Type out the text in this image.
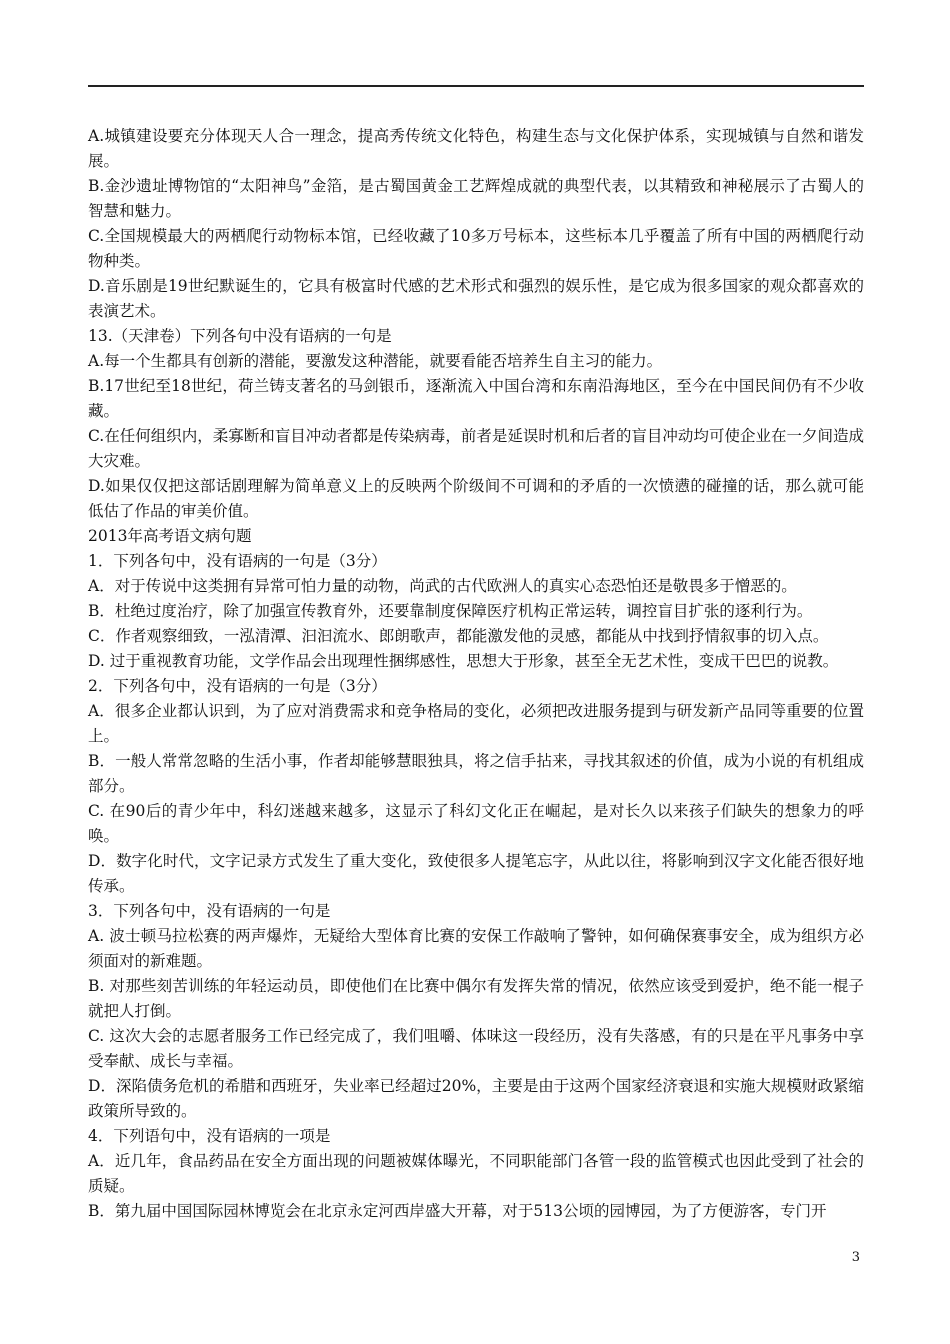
A.城镇建设要充分体现天人合一理念，提高秀传统文化特色，构建生态与文化保护体系，实现城镇与自然和谐发展。
B.金沙遗址博物馆的“太阳神鸟”金箔，是古蜀国黄金工艺辉煌成就的典型代表，以其精致和神秘展示了古蜀人的智慧和魅力。
C.全国规模最大的两栖爬行动物标本馆，已经收藏了10多万号标本，这些标本几乎覆盖了所有中国的两栖爬行动物种类。
D.音乐剧是19世纪默诞生的，它具有极富时代感的艺术形式和强烈的娱乐性，是它成为很多国家的观众都喜欢的表演艺术。
13.（天津卷）下列各句中没有语病的一句是
A.每一个生都具有创新的潜能，要激发这种潜能，就要看能否培养生自主习的能力。
B.17世纪至18世纪，荷兰铸支著名的马剑银币，逐渐流入中国台湾和东南沿海地区，至今在中国民间仍有不少收藏。
C.在任何组织内，柔寡断和盲目冲动者都是传染病毒，前者是延误时机和后者的盲目冲动均可使企业在一夕间造成大灾难。
D.如果仅仅把这部话剧理解为简单意义上的反映两个阶级间不可调和的矛盾的一次愤懑的碰撞的话，那么就可能低估了作品的审美价值。
2013年高考语文病句题
1．下列各句中，没有语病的一句是（3分）
A．对于传说中这类拥有异常可怕力量的动物，尚武的古代欧洲人的真实心态恐怕还是敬畏多于憎恶的。
B．杜绝过度治疗，除了加强宣传教育外，还要靠制度保障医疗机构正常运转，调控盲目扩张的逐利行为。
C．作者观察细致，一泓清潭、汩汩流水、郎朗歌声，都能激发他的灵感，都能从中找到抒情叙事的切入点。
D. 过于重视教育功能，文学作品会出现理性捆绑感性，思想大于形象，甚至全无艺术性，变成干巴巴的说教。
2．下列各句中，没有语病的一句是（3分）
A．很多企业都认识到，为了应对消费需求和竞争格局的变化，必须把改进服务提到与研发新产品同等重要的位置上。
B．一般人常常忽略的生活小事，作者却能够慧眼独具，将之信手拈来，寻找其叙述的价值，成为小说的有机组成部分。
C. 在90后的青少年中，科幻迷越来越多，这显示了科幻文化正在崛起，是对长久以来孩子们缺失的想象力的呼唤。
D．数字化时代，文字记录方式发生了重大变化，致使很多人提笔忘字，从此以往，将影响到汉字文化能否很好地传承。
3．下列各句中，没有语病的一句是
A. 波士顿马拉松赛的两声爆炸，无疑给大型体育比赛的安保工作敲响了警钟，如何确保赛事安全，成为组织方必须面对的新难题。
B. 对那些刻苦训练的年轻运动员，即使他们在比赛中偶尔有发挥失常的情况，依然应该受到爱护，绝不能一棍子就把人打倒。
C. 这次大会的志愿者服务工作已经完成了，我们咀嚼、体味这一段经历，没有失落感，有的只是在平凡事务中享受奉献、成长与幸福。
D．深陷债务危机的希腊和西班牙，失业率已经超过20%，主要是由于这两个国家经济衰退和实施大规模财政紧缩政策所导致的。
4．下列语句中，没有语病的一项是
A．近几年，食品药品在安全方面出现的问题被媒体曝光，不同职能部门各管一段的监管模式也因此受到了社会的质疑。
B．第九届中国国际园林博览会在北京永定河西岸盛大开幕，对于513公顷的园博园，为了方便游客，专门开
3
